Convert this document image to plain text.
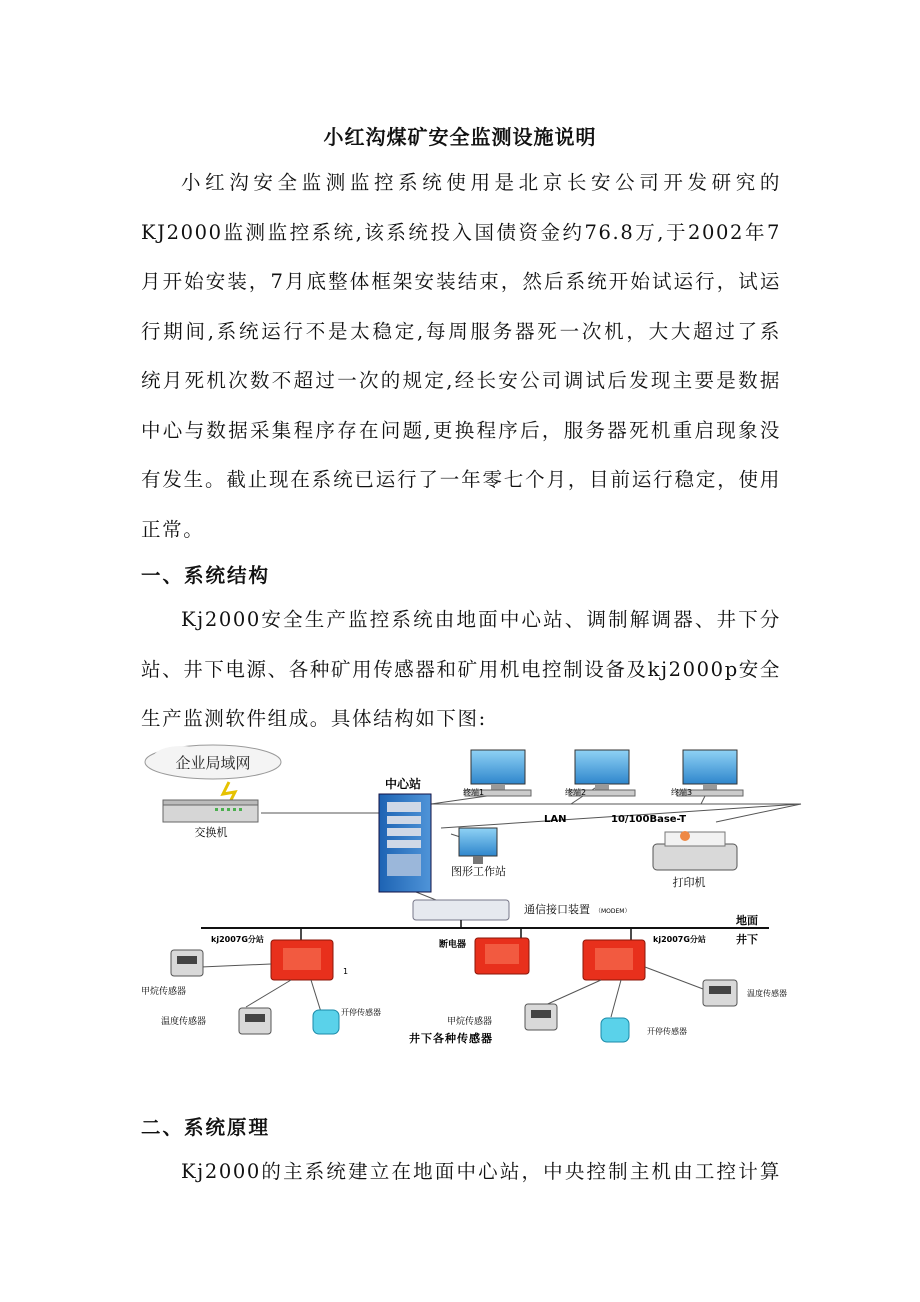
小红沟煤矿安全监测设施说明
小红沟安全监测监控系统使用是北京长安公司开发研究的
KJ2000监测监控系统,该系统投入国债资金约76.8万,于2002年7
月开始安装，7月底整体框架安装结束，然后系统开始试运行，试运
行期间,系统运行不是太稳定,每周服务器死一次机，大大超过了系
统月死机次数不超过一次的规定,经长安公司调试后发现主要是数据
中心与数据采集程序存在问题,更换程序后，服务器死机重启现象没
有发生。截止现在系统已运行了一年零七个月，目前运行稳定，使用
正常。
一、系统结构
Kj2000安全生产监控系统由地面中心站、调制解调器、井下分
站、井下电源、各种矿用传感器和矿用机电控制设备及kj2000p安全
生产监测软件组成。具体结构如下图:
企业局域网
交换机
中心站
终端1	终端2	终端3
LAN	10/100Base-T
图形工作站
打印机
通信接口装置 （MODEM）
地面
井下
kj2007G分站
1
断电器
kj2007G分站
甲烷传感器
温度传感器
开停传感器
甲烷传感器
开停传感器
温度传感器
井下各种传感器
二、系统原理
Kj2000的主系统建立在地面中心站，中央控制主机由工控计算
